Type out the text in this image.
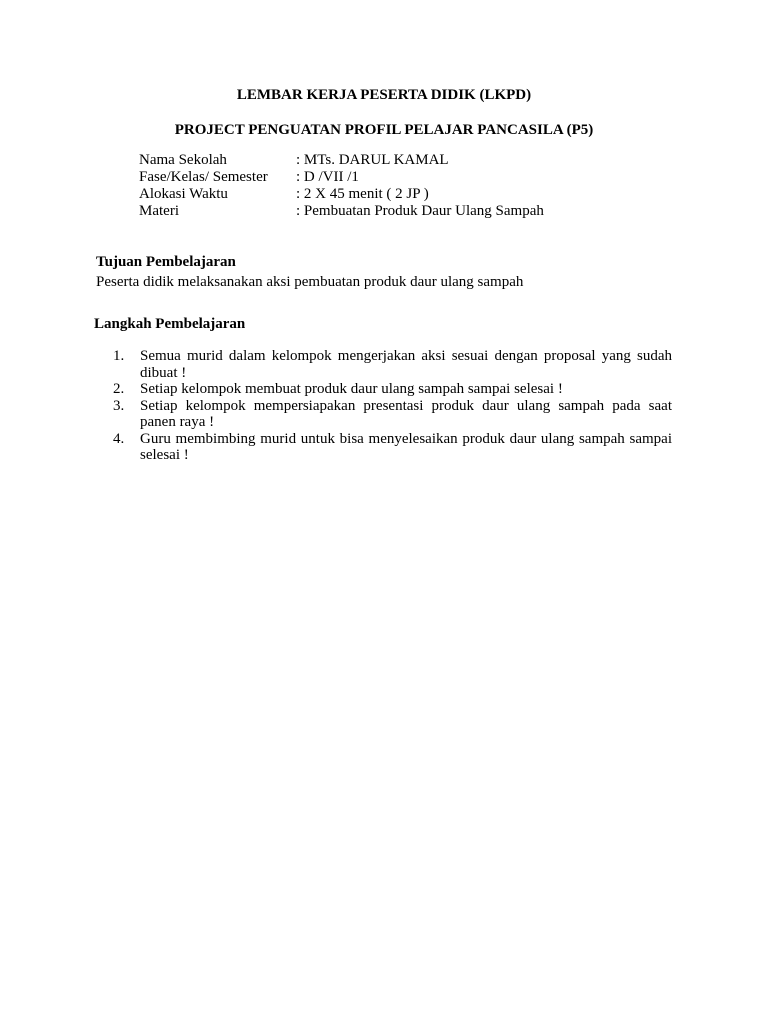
LEMBAR KERJA PESERTA DIDIK (LKPD)
PROJECT PENGUATAN PROFIL PELAJAR PANCASILA (P5)
Nama Sekolah	: MTs. DARUL KAMAL
Fase/Kelas/ Semester	: D /VII /1
Alokasi Waktu	: 2 X 45 menit ( 2 JP )
Materi	: Pembuatan Produk Daur Ulang Sampah
Tujuan Pembelajaran
Peserta didik melaksanakan aksi pembuatan produk daur ulang sampah
Langkah Pembelajaran
1.	Semua murid dalam kelompok mengerjakan aksi sesuai dengan proposal yang sudah dibuat !
2.	Setiap kelompok membuat produk daur ulang sampah sampai selesai !
3.	Setiap kelompok mempersiapakan presentasi produk daur ulang sampah pada saat panen raya !
4.	Guru membimbing murid untuk bisa menyelesaikan produk daur ulang sampah sampai selesai !
